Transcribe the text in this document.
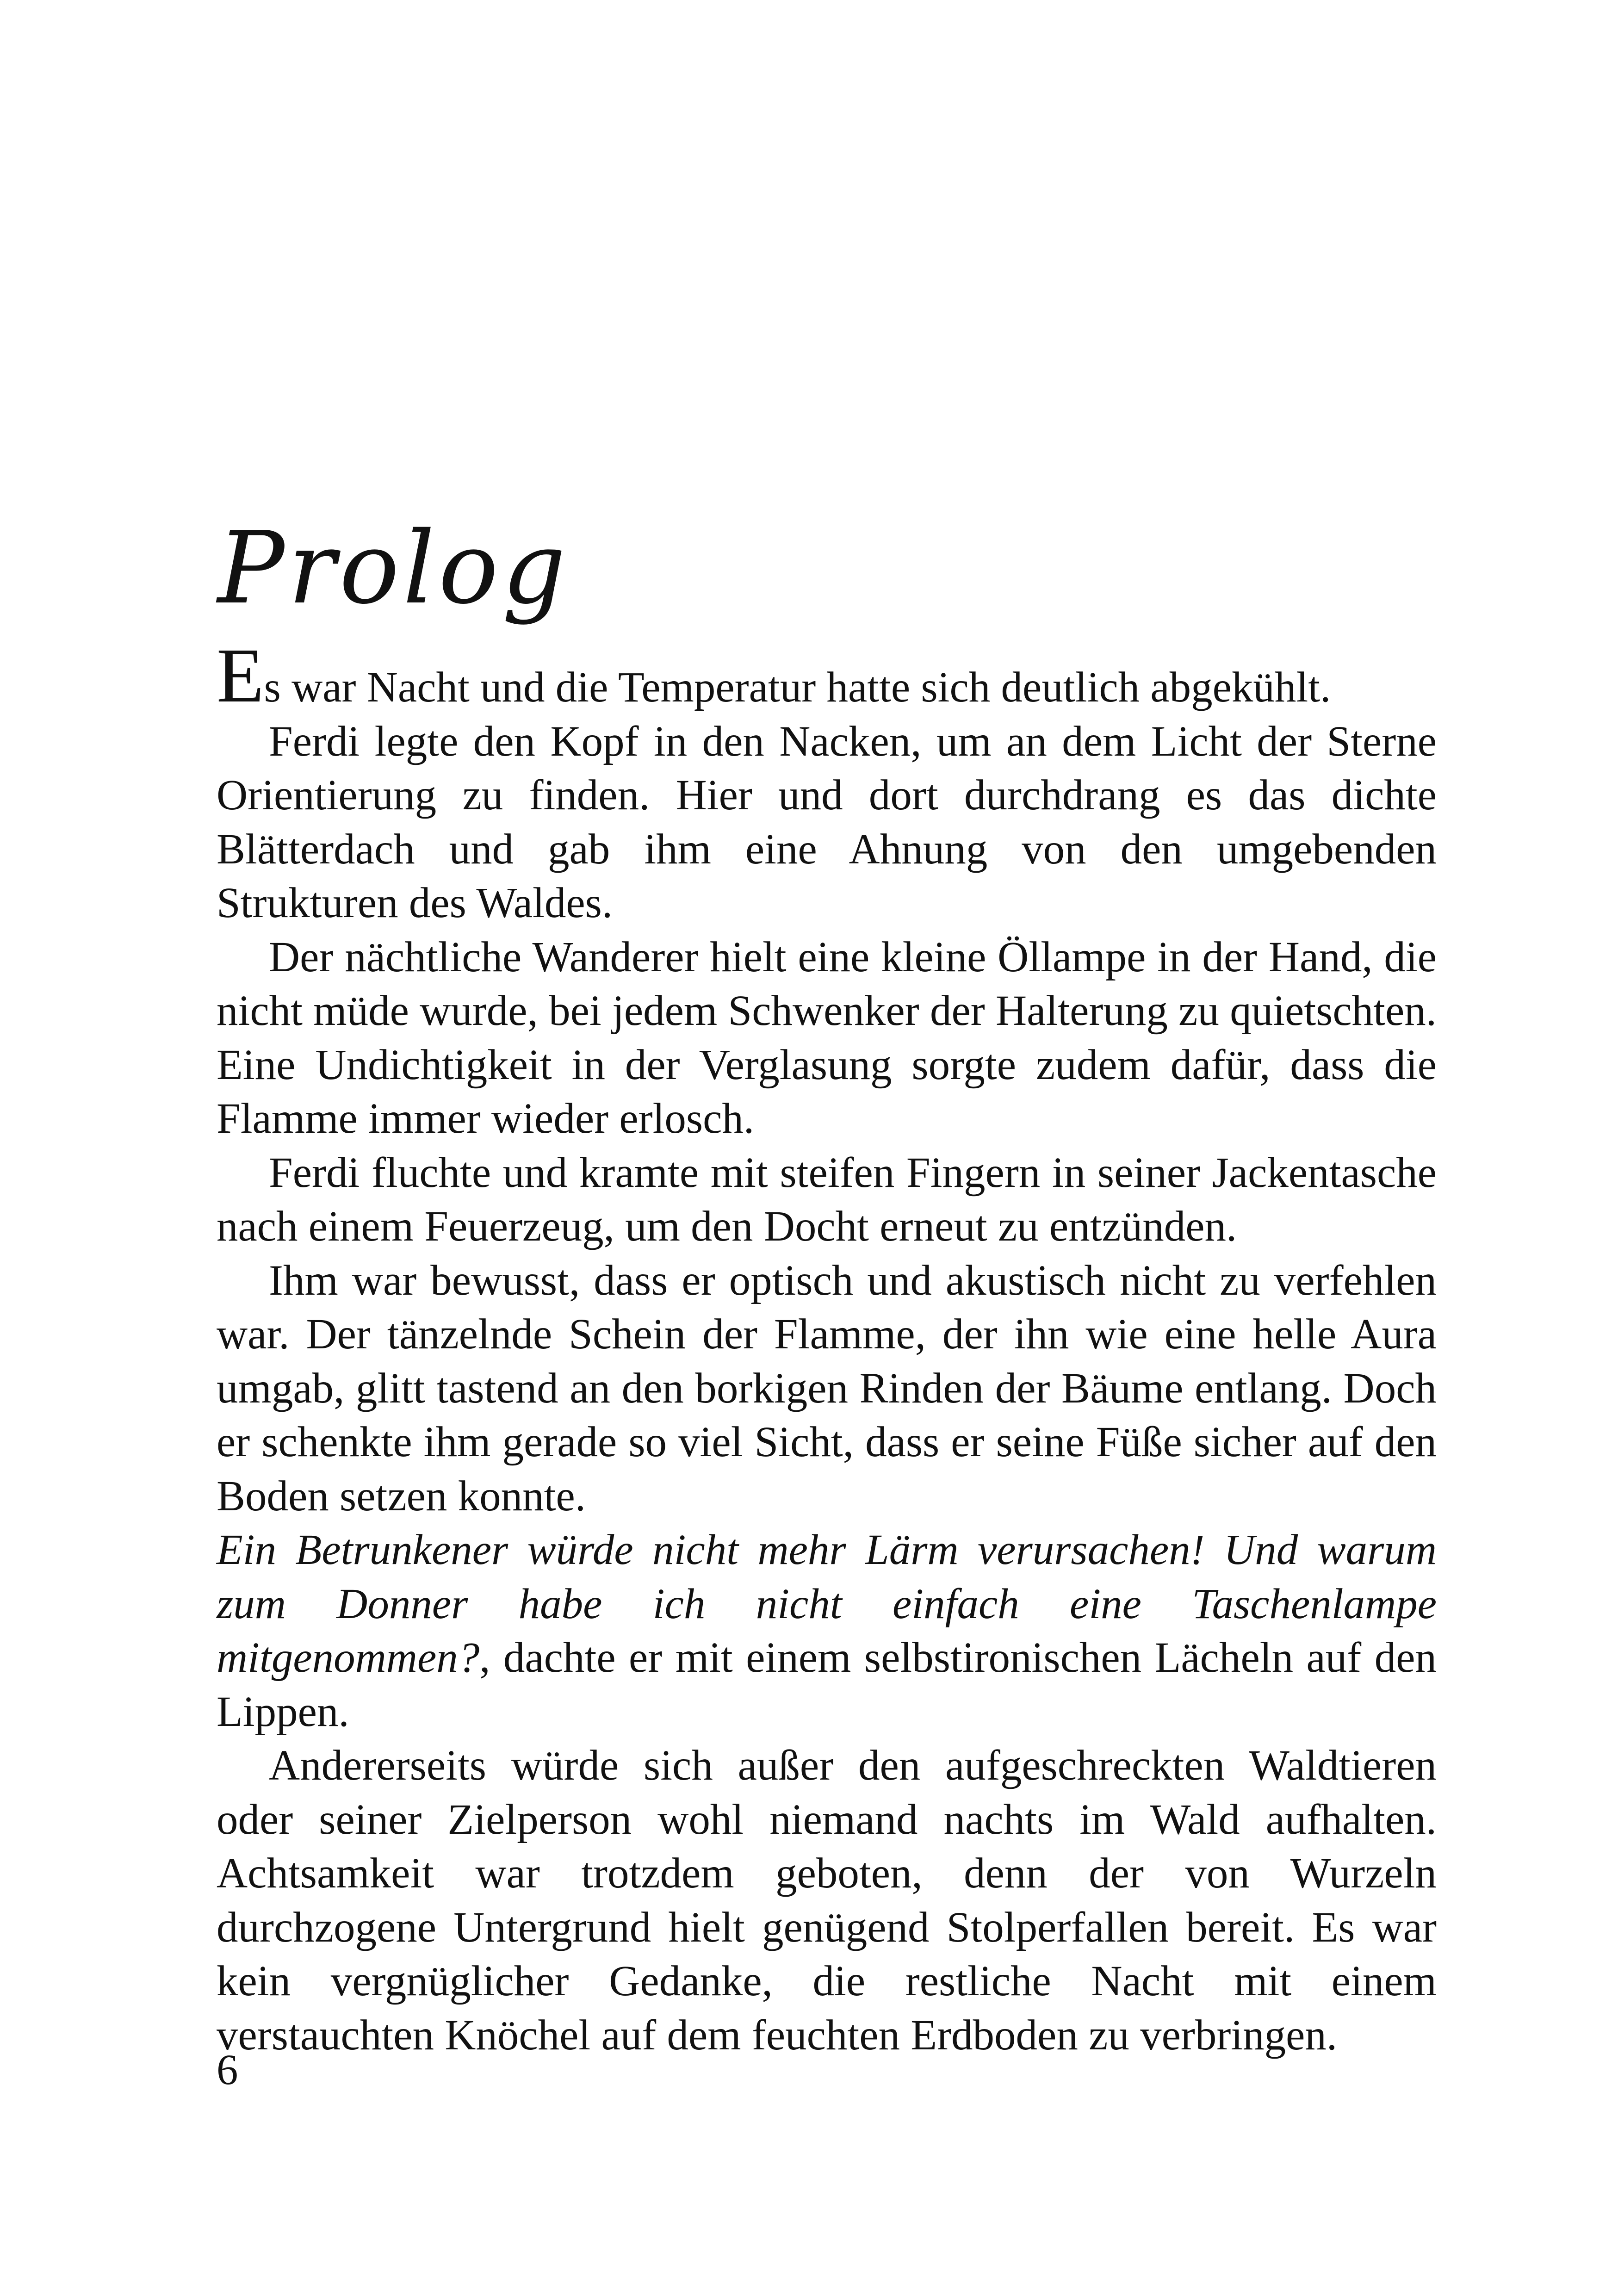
Prolog

Es war Nacht und die Temperatur hatte sich deutlich abgekühlt.

Ferdi legte den Kopf in den Nacken, um an dem Licht der Sterne Orientierung zu finden. Hier und dort durchdrang es das dichte Blätterdach und gab ihm eine Ahnung von den umgebenden Strukturen des Waldes.

Der nächtliche Wanderer hielt eine kleine Öllampe in der Hand, die nicht müde wurde, bei jedem Schwenker der Halterung zu quietschten. Eine Undichtigkeit in der Verglasung sorgte zudem dafür, dass die Flamme immer wieder erlosch.

Ferdi fluchte und kramte mit steifen Fingern in seiner Jackentasche nach einem Feuerzeug, um den Docht erneut zu entzünden.

Ihm war bewusst, dass er optisch und akustisch nicht zu verfehlen war. Der tänzelnde Schein der Flamme, der ihn wie eine helle Aura umgab, glitt tastend an den borkigen Rinden der Bäume entlang. Doch er schenkte ihm gerade so viel Sicht, dass er seine Füße sicher auf den Boden setzen konnte.

Ein Betrunkener würde nicht mehr Lärm verursachen! Und warum zum Donner habe ich nicht einfach eine Taschenlampe mitgenommen?, dachte er mit einem selbstironischen Lächeln auf den Lippen.

Andererseits würde sich außer den aufgeschreckten Waldtieren oder seiner Zielperson wohl niemand nachts im Wald aufhalten. Achtsamkeit war trotzdem geboten, denn der von Wurzeln durchzogene Untergrund hielt genügend Stolperfallen bereit. Es war kein vergnüglicher Gedanke, die restliche Nacht mit einem verstauchten Knöchel auf dem feuchten Erdboden zu verbringen.

6
